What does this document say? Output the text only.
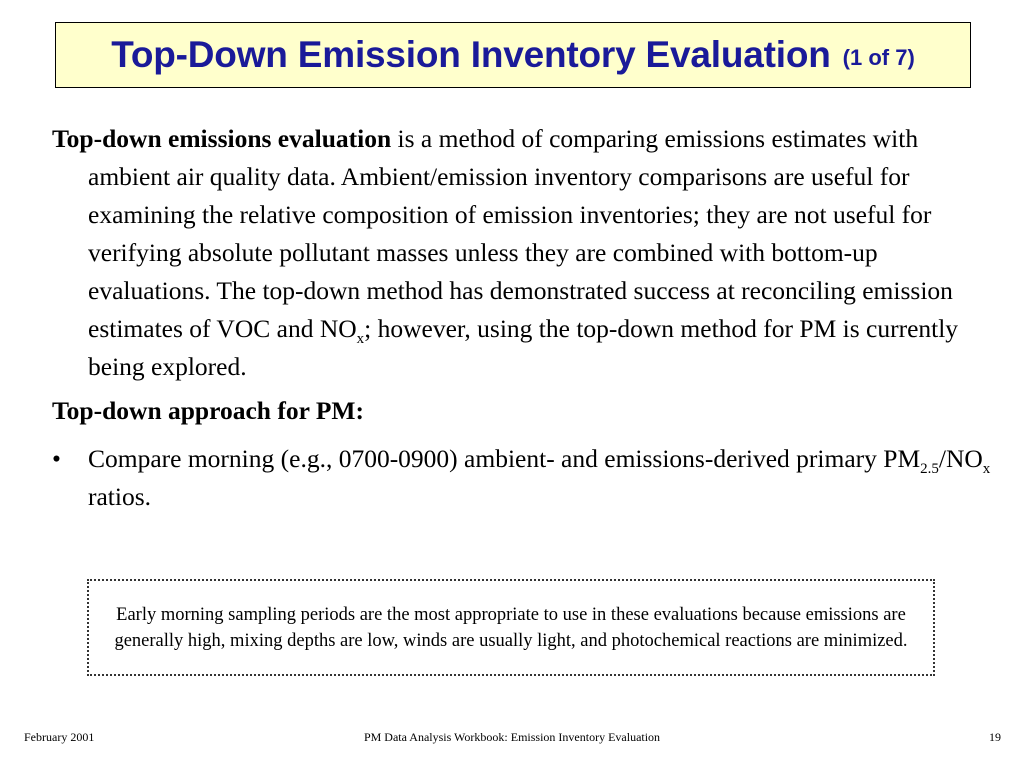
Top-Down Emission Inventory Evaluation (1 of 7)

Top-down emissions evaluation is a method of comparing emissions estimates with ambient air quality data. Ambient/emission inventory comparisons are useful for examining the relative composition of emission inventories; they are not useful for verifying absolute pollutant masses unless they are combined with bottom-up evaluations. The top-down method has demonstrated success at reconciling emission estimates of VOC and $NO_x$; however, using the top-down method for PM is currently being explored.

Top-down approach for PM:

•	Compare morning (e.g., 0700-0900) ambient- and emissions-derived primary $PM_{2.5}/NO_x$ ratios.
Early morning sampling periods are the most appropriate to use in these evaluations because emissions are generally high, mixing depths are low, winds are usually light, and photochemical reactions are minimized.
February 2001	PM Data Analysis Workbook: Emission Inventory Evaluation	19
